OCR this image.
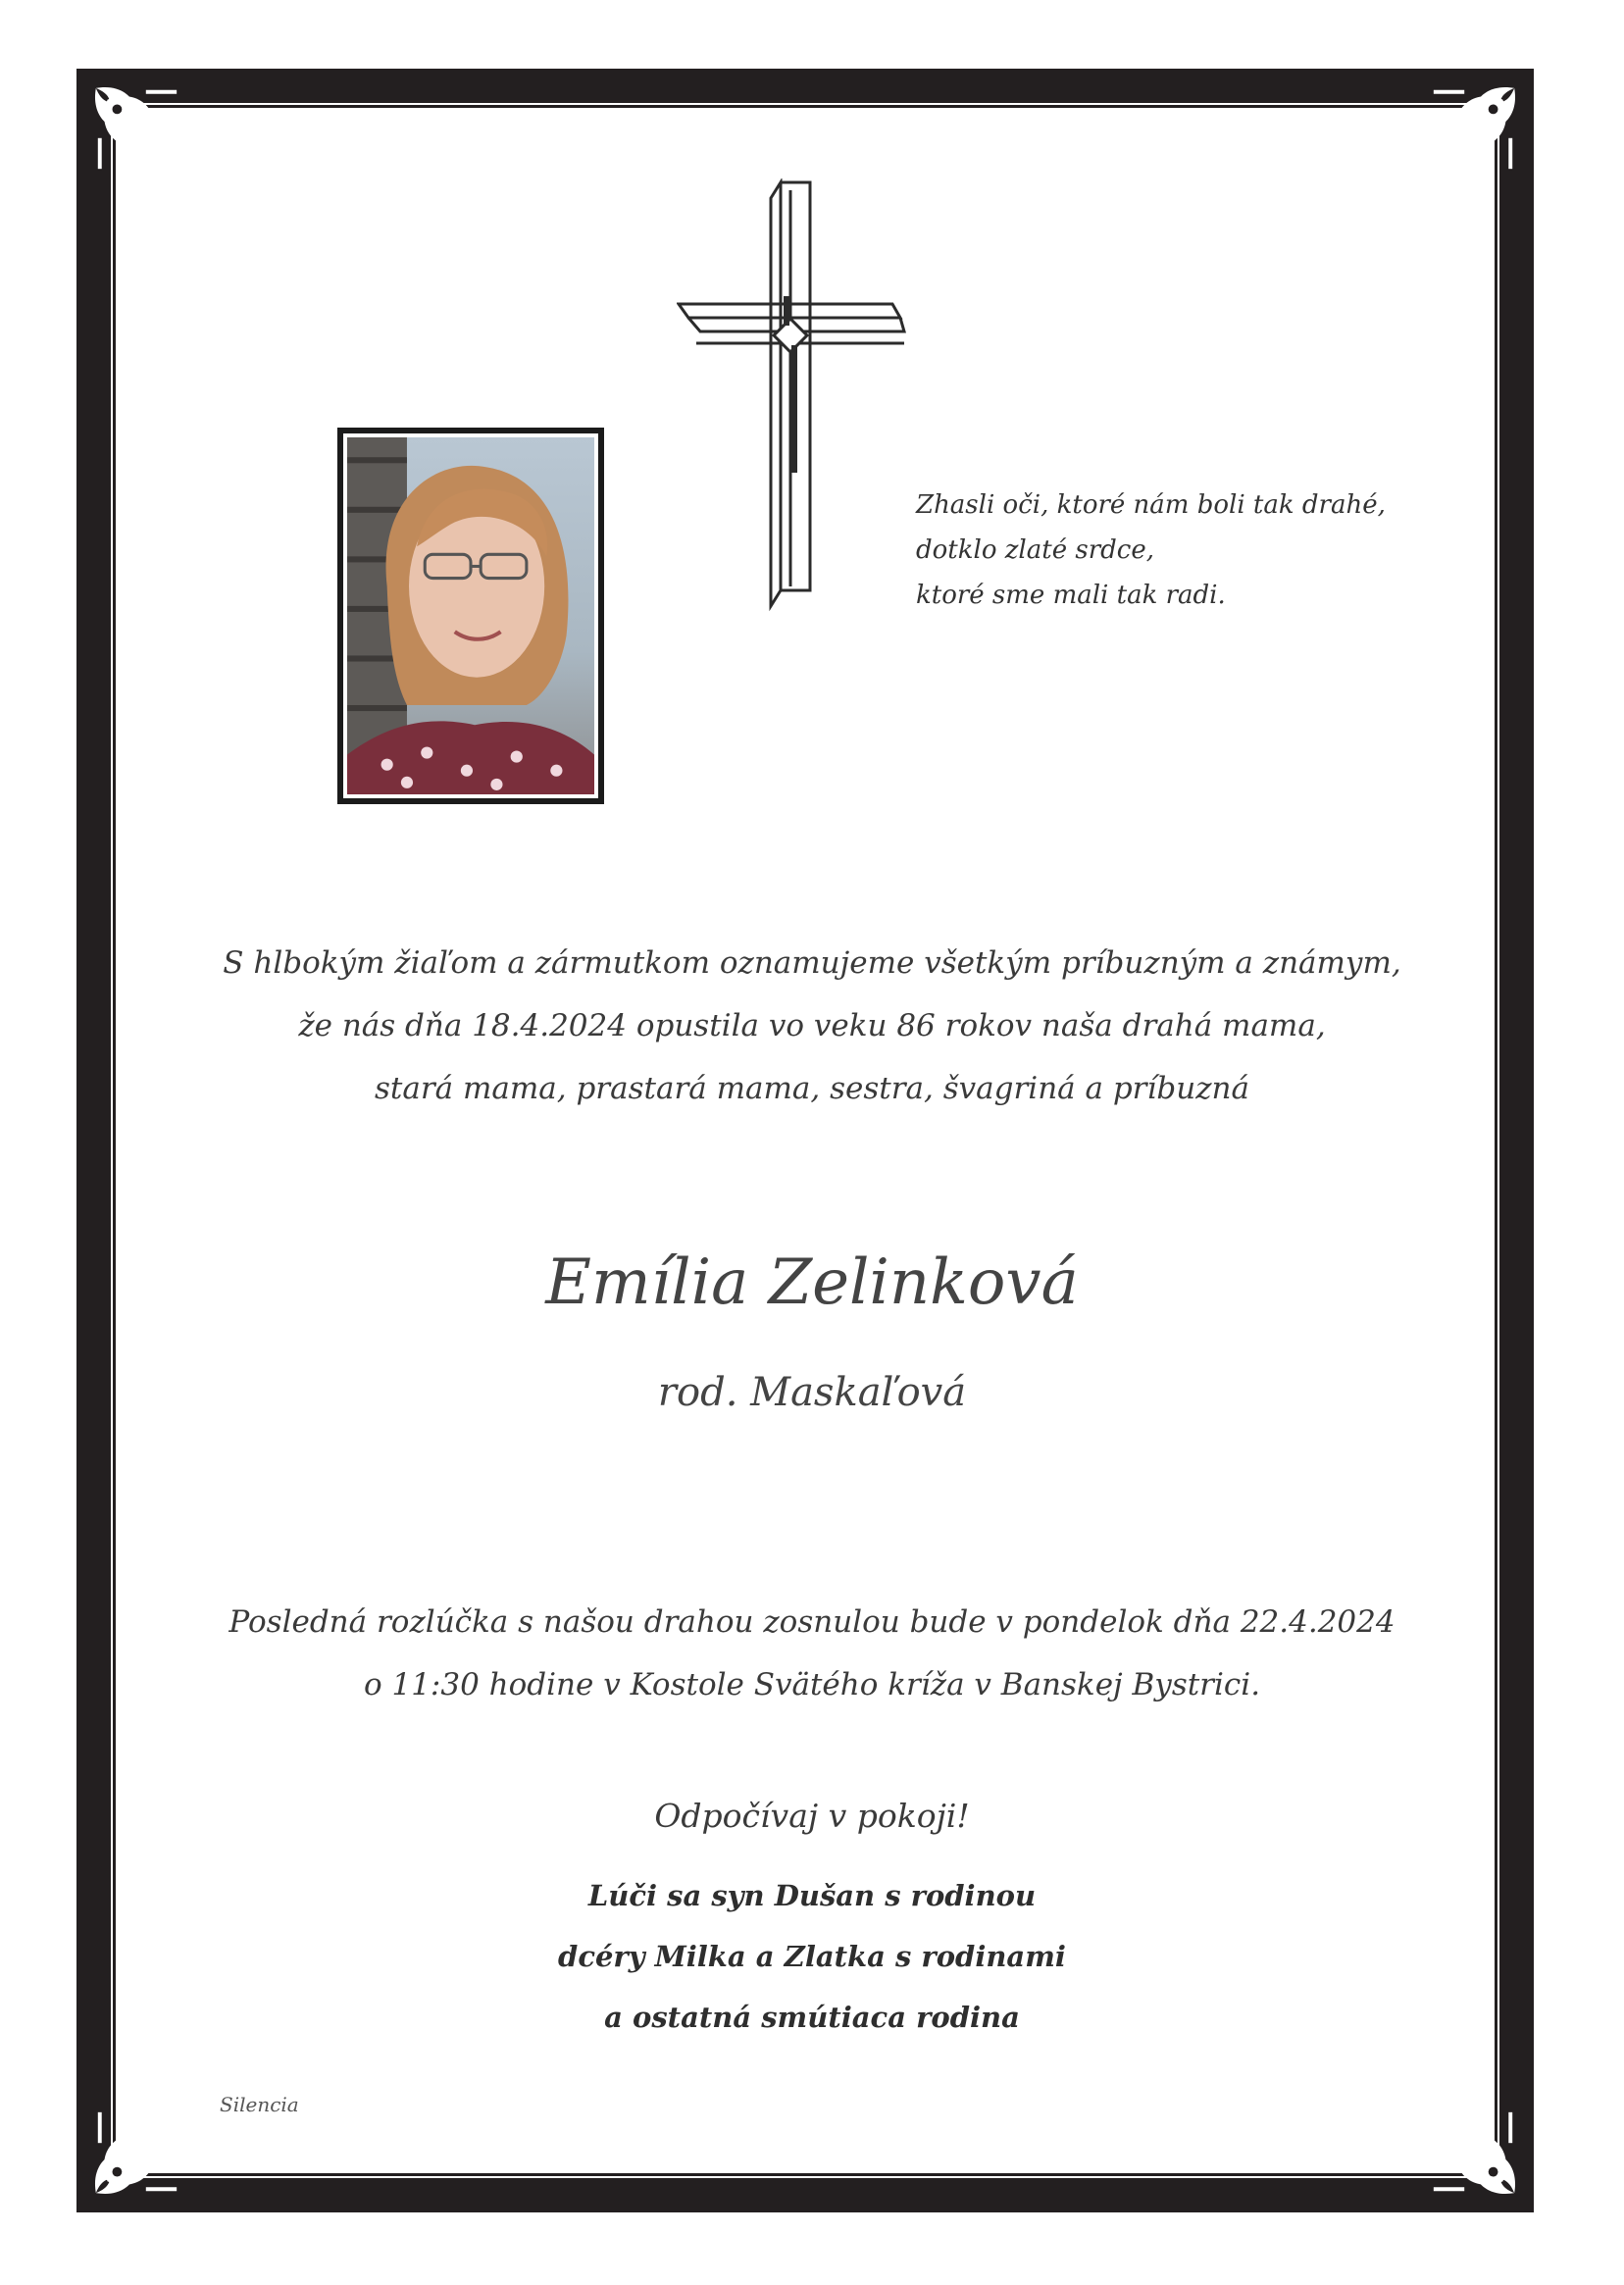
Zhasli oči, ktoré nám boli tak drahé,
dotklo zlaté srdce,
ktoré sme mali tak radi.
S hlbokým žiaľom a zármutkom oznamujeme všetkým príbuzným a známym,
že nás dňa 18.4.2024 opustila vo veku 86 rokov naša drahá mama,
stará mama, prastará mama, sestra, švagriná a príbuzná
Emília Zelinková
rod. Maskaľová
Posledná rozlúčka s našou drahou zosnulou bude v pondelok dňa 22.4.2024
o 11:30 hodine v Kostole Svätého kríža v Banskej Bystrici.
Odpočívaj v pokoji!
Lúči sa syn Dušan s rodinou
dcéry Milka a Zlatka s rodinami
a ostatná smútiaca rodina
Silencia
